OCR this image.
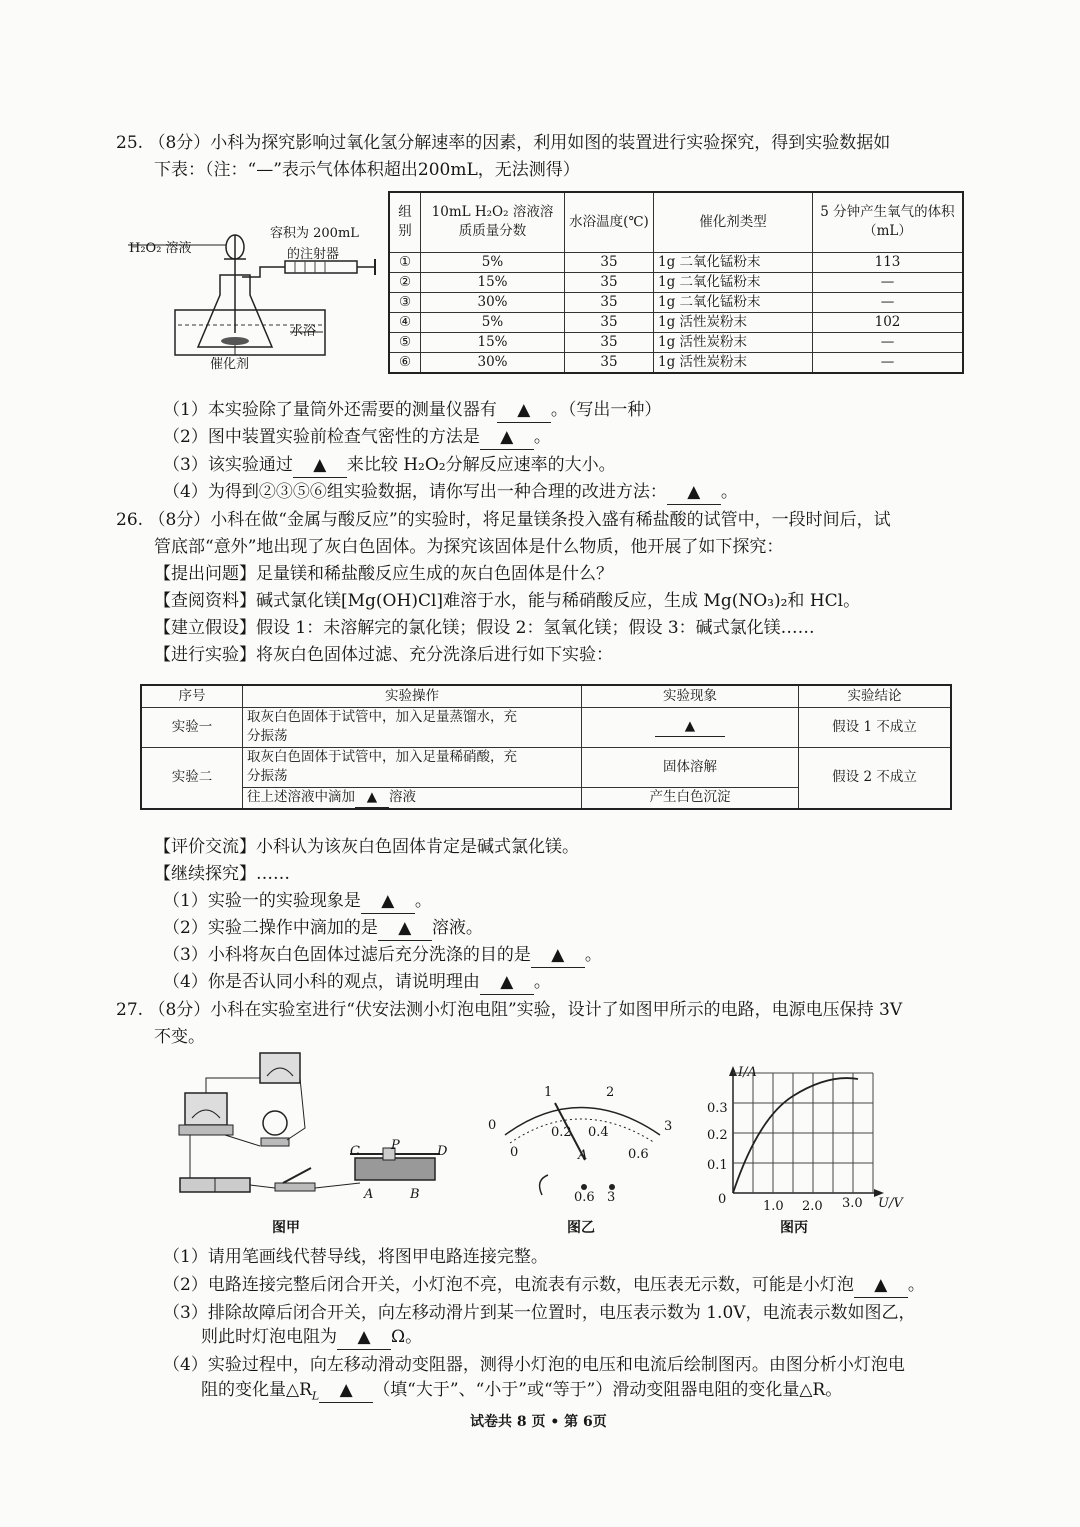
25. （8分）小科为探究影响过氧化氢分解速率的因素，利用如图的装置进行实验探究，得到实验数据如
下表：（注：“—”表示气体体积超出200mL，无法测得）
H₂O₂ 溶液
容积为 200mL
的注射器
水浴
催化剂
组别	10mL H₂O₂ 溶液溶质质量分数	水浴温度(℃)	催化剂类型	5 分钟产生氧气的体积（mL）
①	5%	35	1g 二氧化锰粉末	113
②	15%	35	1g 二氧化锰粉末	—
③	30%	35	1g 二氧化锰粉末	—
④	5%	35	1g 活性炭粉末	102
⑤	15%	35	1g 活性炭粉末	—
⑥	30%	35	1g 活性炭粉末	—
（1）本实验除了量筒外还需要的测量仪器有 ▲ 。（写出一种）
（2）图中装置实验前检查气密性的方法是 ▲ 。
（3）该实验通过 ▲ 来比较 H₂O₂分解反应速率的大小。
（4）为得到②③⑤⑥组实验数据，请你写出一种合理的改进方法： ▲ 。
26. （8分）小科在做“金属与酸反应”的实验时，将足量镁条投入盛有稀盐酸的试管中，一段时间后，试
管底部“意外”地出现了灰白色固体。为探究该固体是什么物质，他开展了如下探究：
【提出问题】足量镁和稀盐酸反应生成的灰白色固体是什么？
【查阅资料】碱式氯化镁[Mg(OH)Cl]难溶于水，能与稀硝酸反应，生成 Mg(NO₃)₂和 HCl。
【建立假设】假设 1：未溶解完的氯化镁；假设 2：氢氧化镁；假设 3：碱式氯化镁……
【进行实验】将灰白色固体过滤、充分洗涤后进行如下实验：
序号	实验操作	实验现象	实验结论
实验一	取灰白色固体于试管中，加入足量蒸馏水，充
分振荡	▲	假设 1 不成立
实验二	取灰白色固体于试管中，加入足量稀硝酸，充
分振荡	固体溶解	假设 2 不成立
	往上述溶液中滴加 ▲ 溶液	产生白色沉淀	
【评价交流】小科认为该灰白色固体肯定是碱式氯化镁。
【继续探究】……
（1）实验一的实验现象是 ▲ 。
（2）实验二操作中滴加的是 ▲ 溶液。
（3）小科将灰白色固体过滤后充分洗涤的目的是 ▲ 。
（4）你是否认同小科的观点，请说明理由 ▲ 。
27. （8分）小科在实验室进行“伏安法测小灯泡电阻”实验，设计了如图甲所示的电路，电源电压保持 3V
不变。
C P	D
A	B
图甲
0
1	2
3
0
0.2 0.4
0.6
A
0.6 3
图乙
I/A
0.3
0.2
0.1
0	1.0 2.0 3.0 U/V
图丙
（1）请用笔画线代替导线，将图甲电路连接完整。
（2）电路连接完整后闭合开关，小灯泡不亮，电流表有示数，电压表无示数，可能是小灯泡 ▲ 。
（3）排除故障后闭合开关，向左移动滑片到某一位置时，电压表示数为 1.0V，电流表示数如图乙，
则此时灯泡电阻为 ▲ Ω。
（4）实验过程中，向左移动滑动变阻器，测得小灯泡的电压和电流后绘制图丙。由图分析小灯泡电
阻的变化量$\triangle R_L$ ▲ （填“大于”、“小于”或“等于”）滑动变阻器电阻的变化量△R。
试卷共 8 页 • 第 6页
